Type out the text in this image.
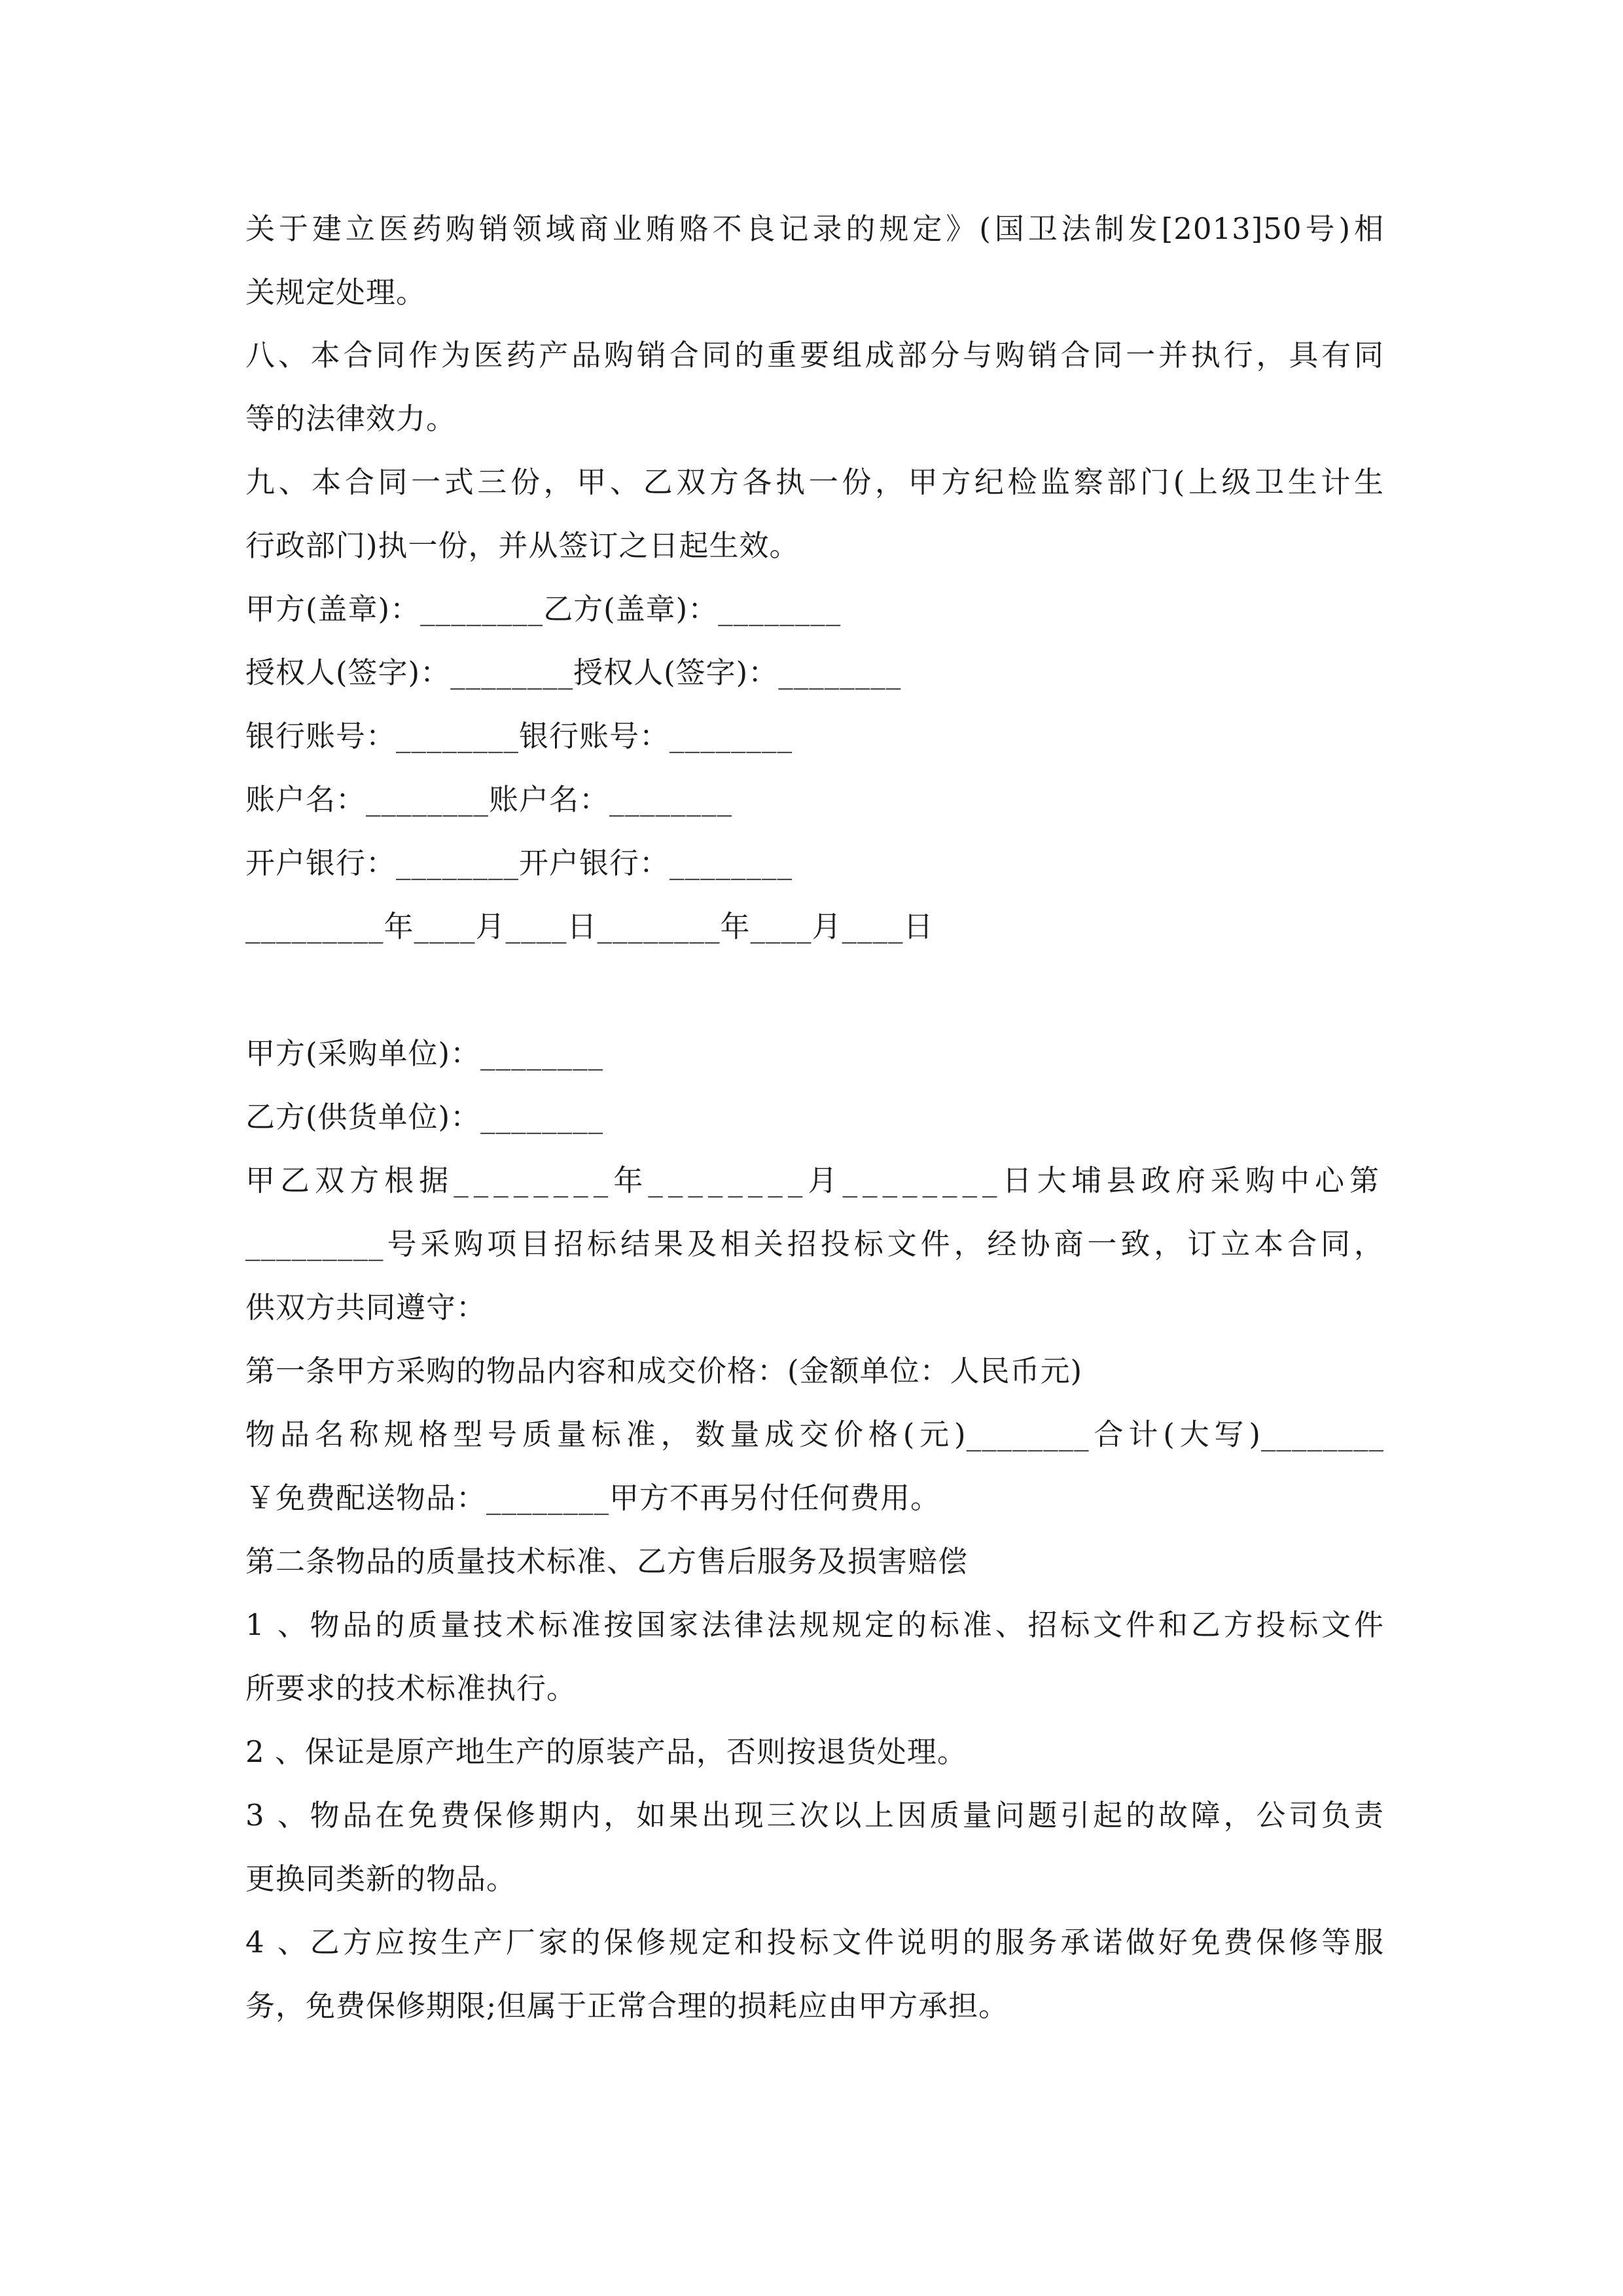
关于建立医药购销领域商业贿赂不良记录的规定》(国卫法制发[2013]50号)相
关规定处理。
八、本合同作为医药产品购销合同的重要组成部分与购销合同一并执行，具有同
等的法律效力。
九、本合同一式三份，甲、乙双方各执一份，甲方纪检监察部门(上级卫生计生
行政部门)执一份，并从签订之日起生效。
甲方(盖章)：________乙方(盖章)：________
授权人(签字)：________授权人(签字)：________
银行账号：________银行账号：________
账户名：________账户名：________
开户银行：________开户银行：________
_________年____月____日________年____月____日
甲方(采购单位)：________
乙方(供货单位)：________
甲乙双方根据________年________月________日大埔县政府采购中心第
_________号采购项目招标结果及相关招投标文件，经协商一致，订立本合同，
供双方共同遵守：
第一条甲方采购的物品内容和成交价格：(金额单位：人民币元)
物品名称规格型号质量标准，数量成交价格(元)________合计(大写)________
￥免费配送物品：________甲方不再另付任何费用。
第二条物品的质量技术标准、乙方售后服务及损害赔偿
1 、物品的质量技术标准按国家法律法规规定的标准、招标文件和乙方投标文件
所要求的技术标准执行。
2 、保证是原产地生产的原装产品，否则按退货处理。
3 、物品在免费保修期内，如果出现三次以上因质量问题引起的故障，公司负责
更换同类新的物品。
4 、乙方应按生产厂家的保修规定和投标文件说明的服务承诺做好免费保修等服
务，免费保修期限;但属于正常合理的损耗应由甲方承担。
